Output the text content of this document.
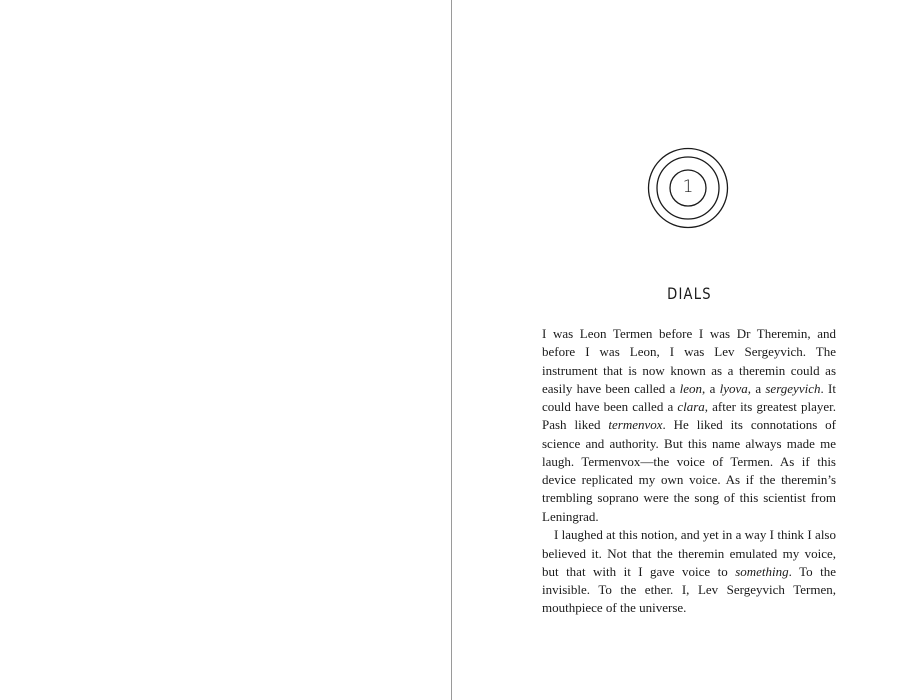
1
DIALS

I was Leon Termen before I was Dr Theremin, and before I was Leon, I was Lev Sergeyvich. The instrument that is now known as a theremin could as easily have been called a leon, a lyova, a sergeyvich. It could have been called a clara, after its greatest player. Pash liked termenvox. He liked its connotations of science and authority. But this name always made me laugh. Termenvox—the voice of Termen. As if this device replicated my own voice. As if the theremin’s trembling soprano were the song of this scientist from Leningrad.

I laughed at this notion, and yet in a way I think I also believed it. Not that the theremin emulated my voice, but that with it I gave voice to something. To the invisible. To the ether. I, Lev Sergeyvich Termen, mouthpiece of the universe.
